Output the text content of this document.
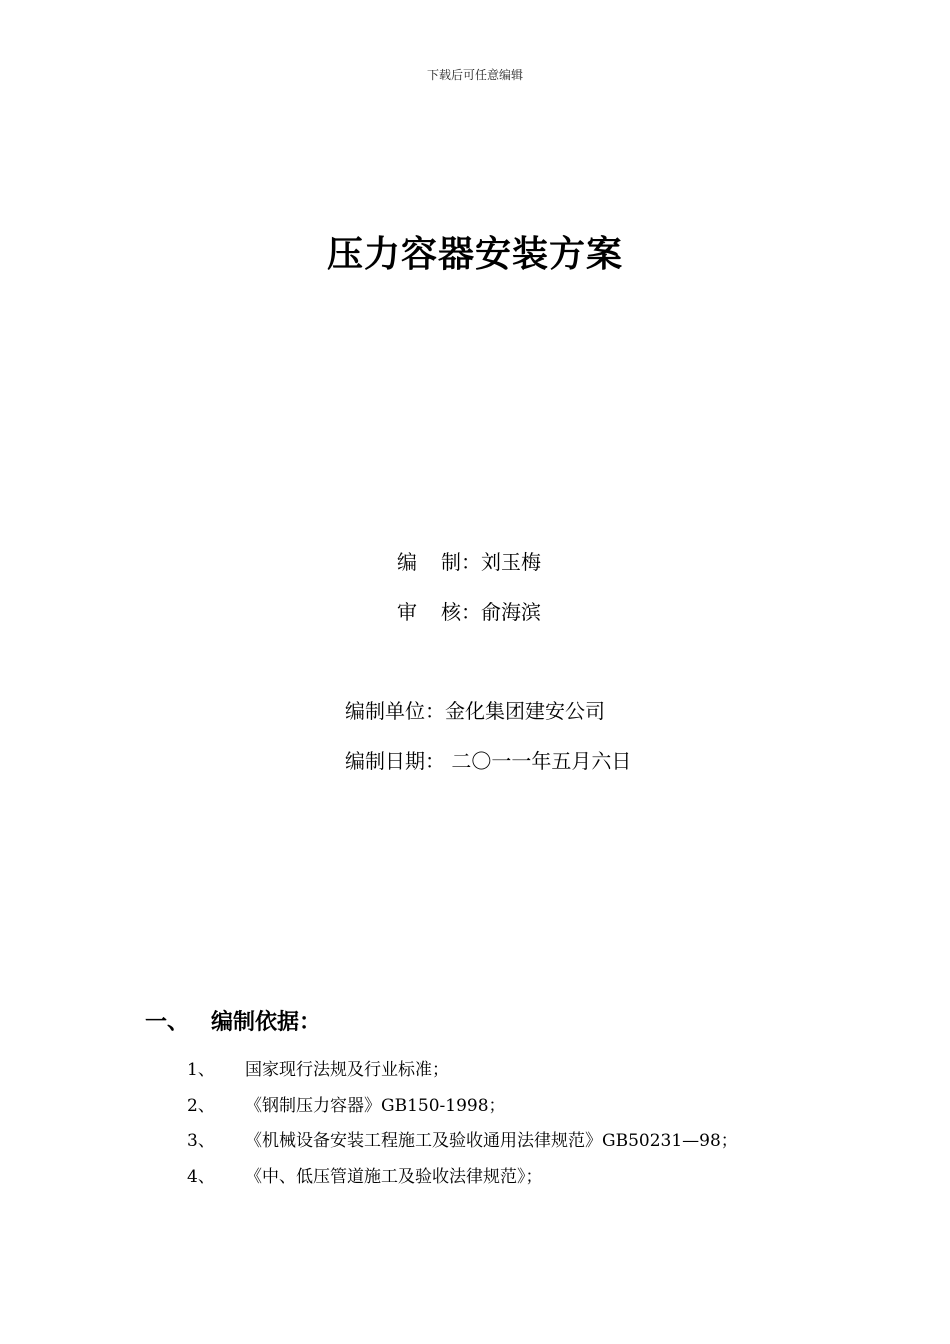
下载后可任意编辑
压力容器安装方案
编 制：刘玉梅
审 核：俞海滨
编制单位：金化集团建安公司
编制日期： 二〇一一年五月六日
一、 编制依据：
1、 国家现行法规及行业标准；
2、 《钢制压力容器》GB150-1998；
3、 《机械设备安装工程施工及验收通用法律规范》GB50231—98；
4、 《中、低压管道施工及验收法律规范》；
